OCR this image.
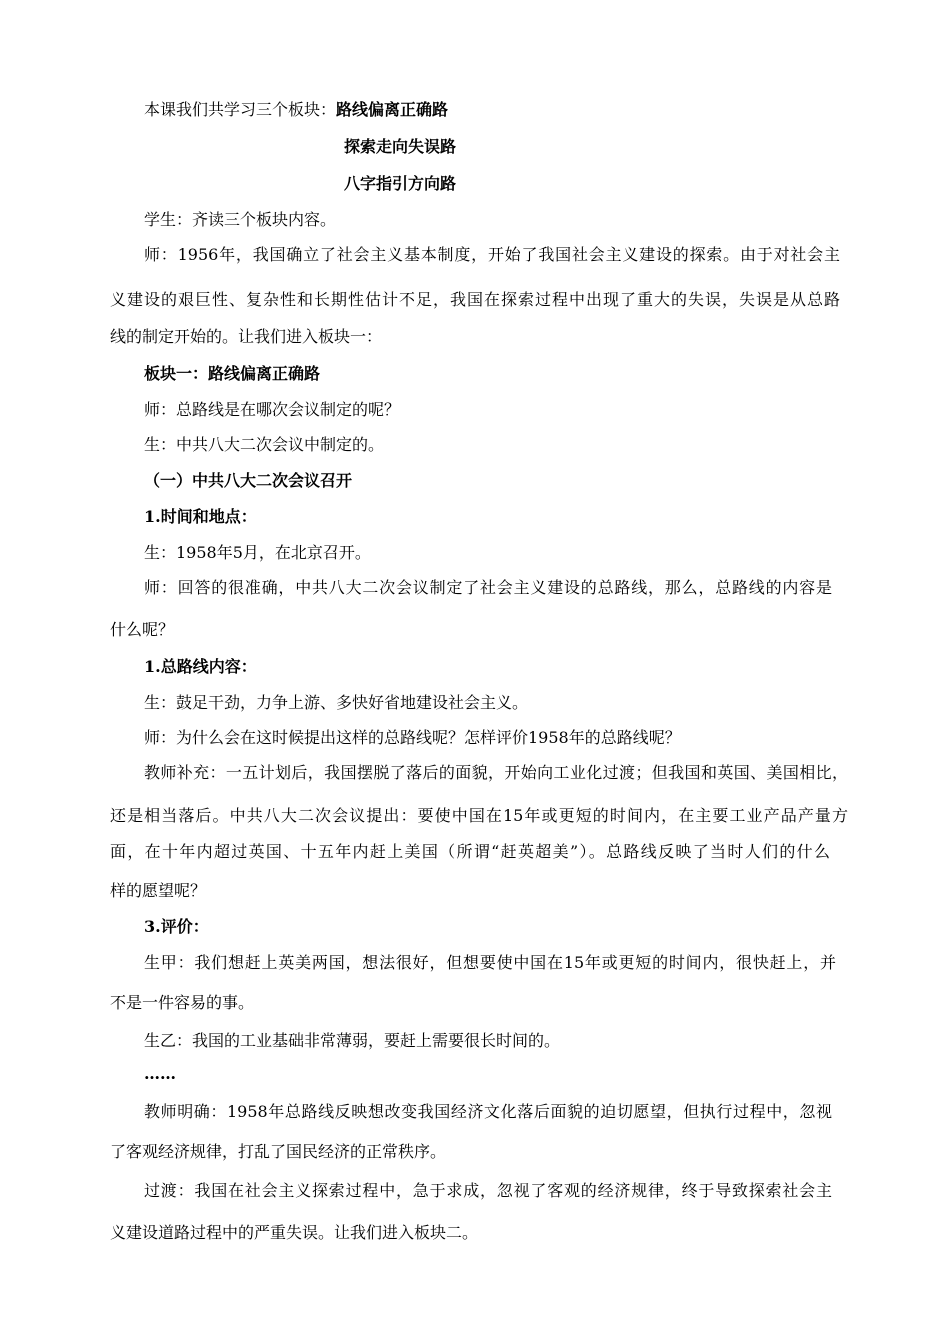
本课我们共学习三个板块：路线偏离正确路
探索走向失误路
八字指引方向路
学生：齐读三个板块内容。
师：1956年，我国确立了社会主义基本制度，开始了我国社会主义建设的探索。由于对社会主
义建设的艰巨性、复杂性和长期性估计不足，我国在探索过程中出现了重大的失误，失误是从总路
线的制定开始的。让我们进入板块一：
板块一：路线偏离正确路
师：总路线是在哪次会议制定的呢？
生：中共八大二次会议中制定的。
（一）中共八大二次会议召开
1.时间和地点：
生：1958年5月，在北京召开。
师：回答的很准确，中共八大二次会议制定了社会主义建设的总路线，那么，总路线的内容是
什么呢？
1.总路线内容：
生：鼓足干劲，力争上游、多快好省地建设社会主义。
师：为什么会在这时候提出这样的总路线呢？怎样评价1958年的总路线呢？
教师补充：一五计划后，我国摆脱了落后的面貌，开始向工业化过渡；但我国和英国、美国相比，
还是相当落后。中共八大二次会议提出：要使中国在15年或更短的时间内，在主要工业产品产量方
面，在十年内超过英国、十五年内赶上美国（所谓“赶英超美”）。总路线反映了当时人们的什么
样的愿望呢？
3.评价：
生甲：我们想赶上英美两国，想法很好，但想要使中国在15年或更短的时间内，很快赶上，并
不是一件容易的事。
生乙：我国的工业基础非常薄弱，要赶上需要很长时间的。
……
教师明确：1958年总路线反映想改变我国经济文化落后面貌的迫切愿望，但执行过程中，忽视
了客观经济规律，打乱了国民经济的正常秩序。
过渡：我国在社会主义探索过程中，急于求成，忽视了客观的经济规律，终于导致探索社会主
义建设道路过程中的严重失误。让我们进入板块二。
